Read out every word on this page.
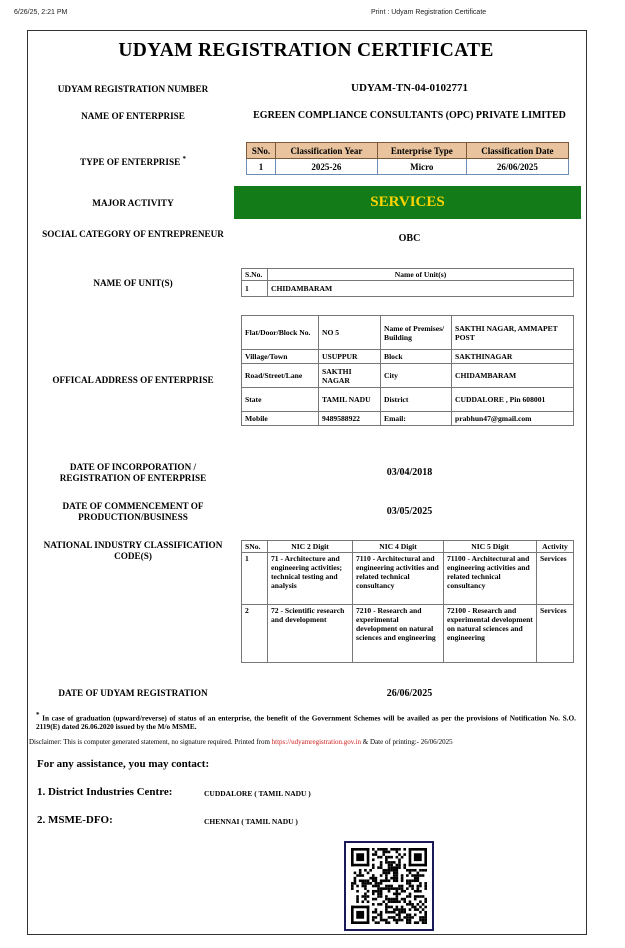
6/26/25, 2:21 PM	Print : Udyam Registration Certificate
UDYAM REGISTRATION CERTIFICATE
UDYAM REGISTRATION NUMBER	UDYAM-TN-04-0102771
NAME OF ENTERPRISE	EGREEN COMPLIANCE CONSULTANTS (OPC) PRIVATE LIMITED
TYPE OF ENTERPRISE *
SNo.	Classification Year	Enterprise Type	Classification Date
1	2025-26	Micro	26/06/2025
MAJOR ACTIVITY	SERVICES
SOCIAL CATEGORY OF ENTREPRENEUR	OBC
NAME OF UNIT(S)
S.No.	Name of Unit(s)
1	CHIDAMBARAM
OFFICAL ADDRESS OF ENTERPRISE
Flat/Door/Block No.	NO 5	Name of Premises/ Building	SAKTHI NAGAR, AMMAPET POST
Village/Town	USUPPUR	Block	SAKTHINAGAR
Road/Street/Lane	SAKTHI NAGAR	City	CHIDAMBARAM
State	TAMIL NADU	District	CUDDALORE , Pin 608001
Mobile	9489588922	Email:	prabhun47@gmail.com
DATE OF INCORPORATION / REGISTRATION OF ENTERPRISE	03/04/2018
DATE OF COMMENCEMENT OF PRODUCTION/BUSINESS	03/05/2025
NATIONAL INDUSTRY CLASSIFICATION CODE(S)
SNo.	NIC 2 Digit	NIC 4 Digit	NIC 5 Digit	Activity
1	71 - Architecture and engineering activities; technical testing and analysis	7110 - Architectural and engineering activities and related technical consultancy	71100 - Architectural and engineering activities and related technical consultancy	Services
2	72 - Scientific research and development	7210 - Research and experimental development on natural sciences and engineering	72100 - Research and experimental development on natural sciences and engineering	Services
DATE OF UDYAM REGISTRATION	26/06/2025
* In case of graduation (upward/reverse) of status of an enterprise, the benefit of the Government Schemes will be availed as per the provisions of Notification No. S.O. 2119(E) dated 26.06.2020 issued by the M/o MSME.
Disclaimer: This is computer generated statement, no signature required. Printed from https://udyamregistration.gov.in & Date of printing:- 26/06/2025
For any assistance, you may contact:
1. District Industries Centre:	CUDDALORE ( TAMIL NADU )
2. MSME-DFO:	CHENNAI ( TAMIL NADU )
